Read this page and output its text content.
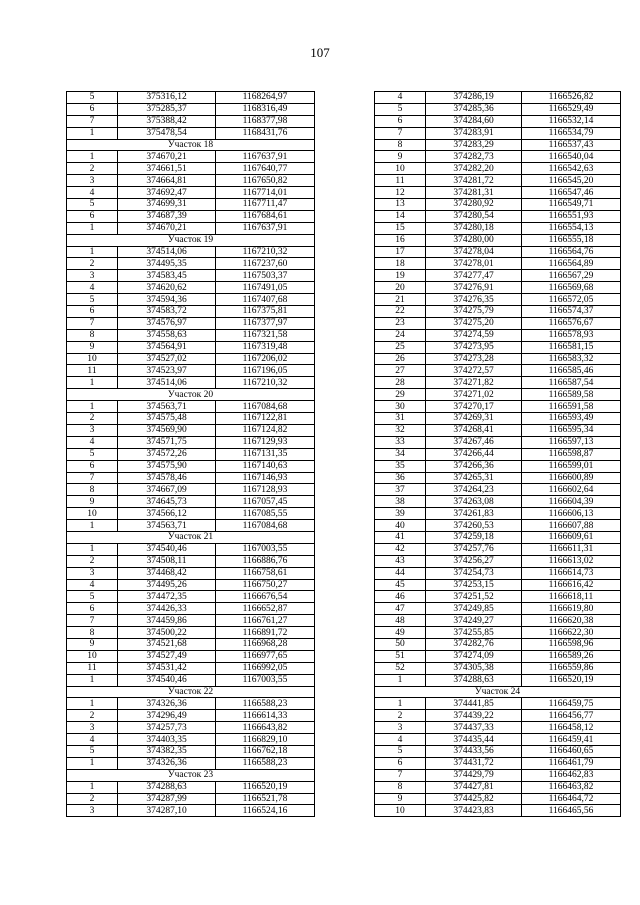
107
5	375316,12	1168264,97
6	375285,37	1168316,49
7	375388,42	1168377,98
1	375478,54	1168431,76
Участок 18		
1	374670,21	1167637,91
2	374661,51	1167640,77
3	374664,81	1167650,82
4	374692,47	1167714,01
5	374699,31	1167711,47
6	374687,39	1167684,61
1	374670,21	1167637,91
Участок 19		
1	374514,06	1167210,32
2	374495,35	1167237,60
3	374583,45	1167503,37
4	374620,62	1167491,05
5	374594,36	1167407,68
6	374583,72	1167375,81
7	374576,97	1167377,97
8	374558,63	1167321,58
9	374564,91	1167319,48
10	374527,02	1167206,02
11	374523,97	1167196,05
1	374514,06	1167210,32
Участок 20		
1	374563,71	1167084,68
2	374575,48	1167122,81
3	374569,90	1167124,82
4	374571,75	1167129,93
5	374572,26	1167131,35
6	374575,90	1167140,63
7	374578,46	1167146,93
8	374667,09	1167128,93
9	374645,73	1167057,45
10	374566,12	1167085,55
1	374563,71	1167084,68
Участок 21		
1	374540,46	1167003,55
2	374508,11	1166886,76
3	374468,42	1166758,61
4	374495,26	1166750,27
5	374472,35	1166676,54
6	374426,33	1166652,87
7	374459,86	1166761,27
8	374500,22	1166891,72
9	374521,68	1166968,28
10	374527,49	1166977,65
11	374531,42	1166992,05
1	374540,46	1167003,55
Участок 22		
1	374326,36	1166588,23
2	374296,49	1166614,33
3	374257,73	1166643,82
4	374403,35	1166829,10
5	374382,35	1166762,18
1	374326,36	1166588,23
Участок 23		
1	374288,63	1166520,19
2	374287,99	1166521,78
3	374287,10	1166524,16
4	374286,19	1166526,82
5	374285,36	1166529,49
6	374284,60	1166532,14
7	374283,91	1166534,79
8	374283,29	1166537,43
9	374282,73	1166540,04
10	374282,20	1166542,63
11	374281,72	1166545,20
12	374281,31	1166547,46
13	374280,92	1166549,71
14	374280,54	1166551,93
15	374280,18	1166554,13
16	374280,00	1166555,18
17	374278,04	1166564,76
18	374278,01	1166564,89
19	374277,47	1166567,29
20	374276,91	1166569,68
21	374276,35	1166572,05
22	374275,79	1166574,37
23	374275,20	1166576,67
24	374274,59	1166578,93
25	374273,95	1166581,15
26	374273,28	1166583,32
27	374272,57	1166585,46
28	374271,82	1166587,54
29	374271,02	1166589,58
30	374270,17	1166591,58
31	374269,31	1166593,49
32	374268,41	1166595,34
33	374267,46	1166597,13
34	374266,44	1166598,87
35	374266,36	1166599,01
36	374265,31	1166600,89
37	374264,23	1166602,64
38	374263,08	1166604,39
39	374261,83	1166606,13
40	374260,53	1166607,88
41	374259,18	1166609,61
42	374257,76	1166611,31
43	374256,27	1166613,02
44	374254,73	1166614,73
45	374253,15	1166616,42
46	374251,52	1166618,11
47	374249,85	1166619,80
48	374249,27	1166620,38
49	374255,85	1166622,30
50	374282,76	1166598,96
51	374274,09	1166589,26
52	374305,38	1166559,86
1	374288,63	1166520,19
Участок 24		
1	374441,85	1166459,75
2	374439,22	1166456,77
3	374437,33	1166458,12
4	374435,44	1166459,41
5	374433,56	1166460,65
6	374431,72	1166461,79
7	374429,79	1166462,83
8	374427,81	1166463,82
9	374425,82	1166464,72
10	374423,83	1166465,56
